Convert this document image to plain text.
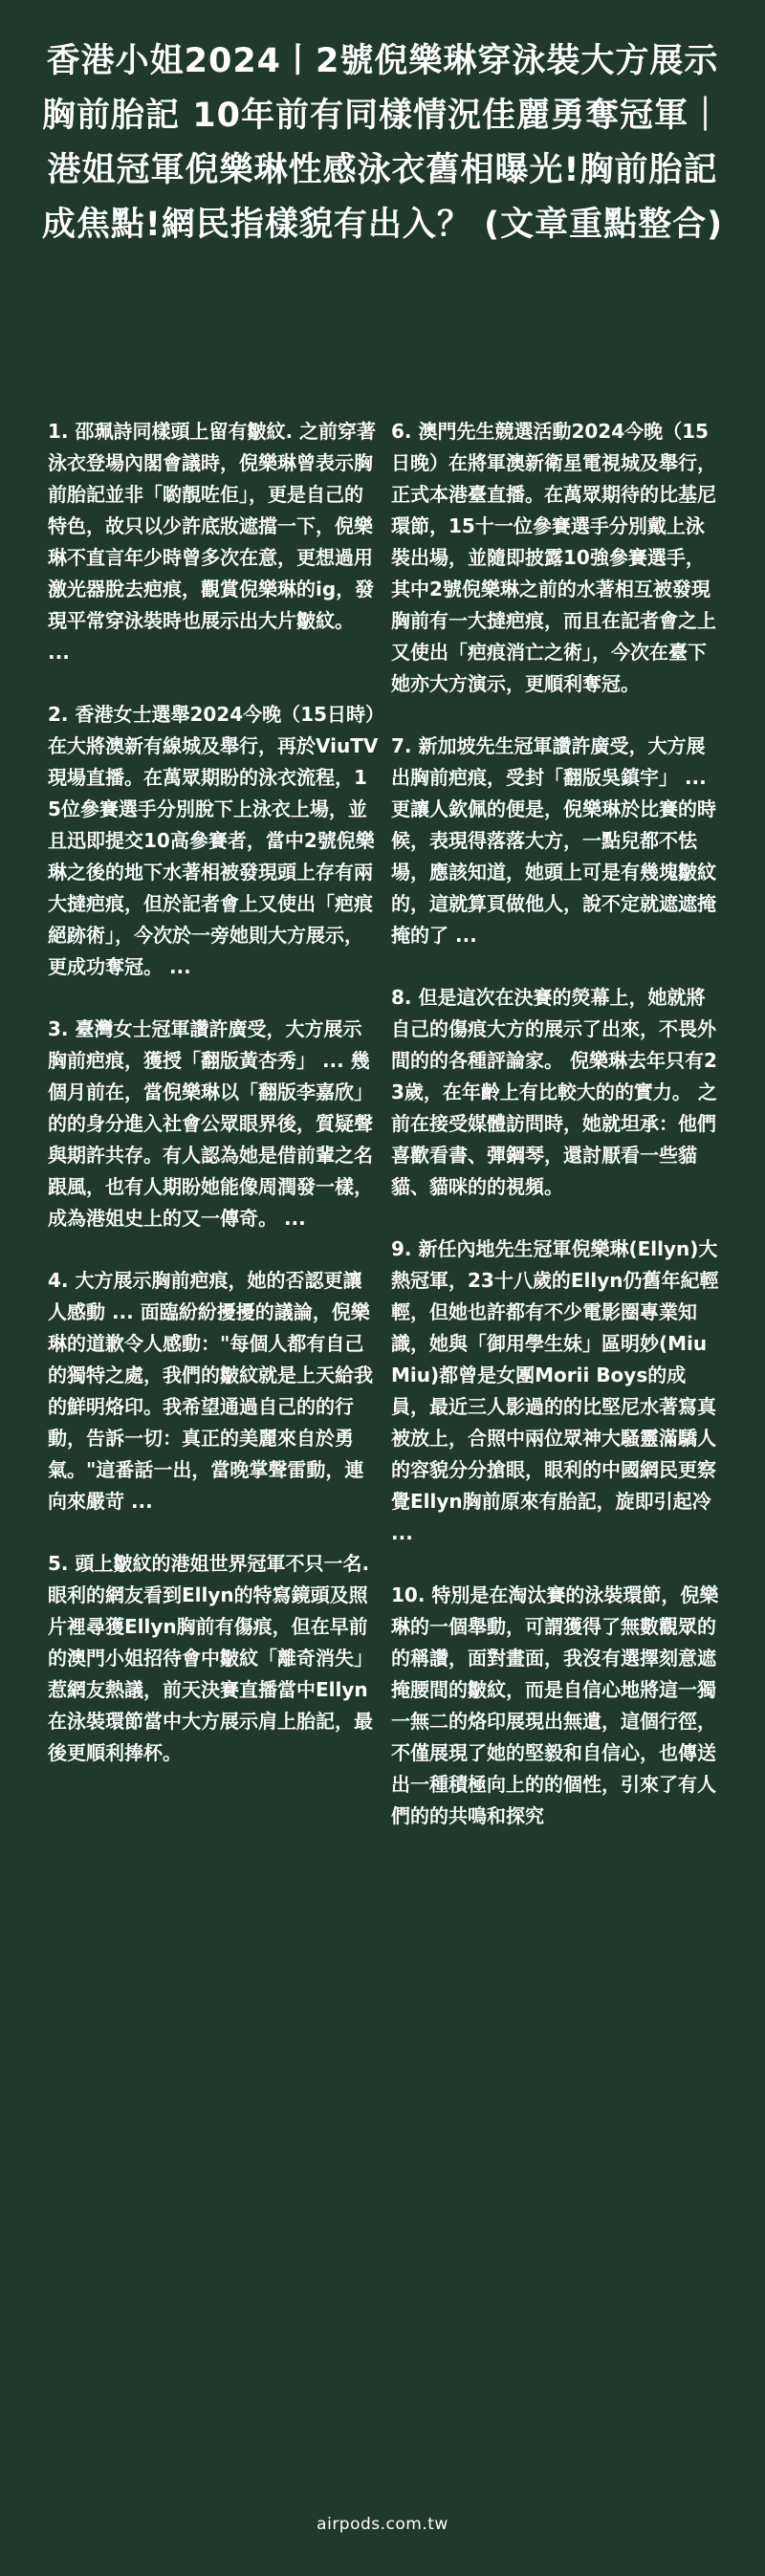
香港小姐2024丨2號倪樂琳穿泳裝大方展示胸前胎記 10年前有同樣情況佳麗勇奪冠軍｜港姐冠軍倪樂琳性感泳衣舊相曝光!胸前胎記成焦點!網民指樣貌有出入？ (文章重點整合)

1. 邵珮詩同樣頭上留有皺紋. 之前穿著泳衣登場內閣會議時，倪樂琳曾表示胸前胎記並非「喲靚咗佢」，更是自己的特色，故只以少許底妝遮擋一下，倪樂琳不直言年少時曾多次在意，更想過用激光器脫去疤痕，觀賞倪樂琳的ig，發現平常穿泳裝時也展示出大片皺紋。 ...

2. 香港女士選舉2024今晚（15日時）在大將澳新有線城及舉行，再於ViuTV現場直播。在萬眾期盼的泳衣流程，15位參賽選手分別脫下上泳衣上場，並且迅即提交10高參賽者，當中2號倪樂琳之後的地下水著相被發現頭上存有兩大撻疤痕，但於記者會上又使出「疤痕絕跡術」，今次於一旁她則大方展示，更成功奪冠。 ...

3. 臺灣女士冠軍讚許廣受，大方展示胸前疤痕，獲授「翻版黃杏秀」 ... 幾個月前在，當倪樂琳以「翻版李嘉欣」的的身分進入社會公眾眼界後，質疑聲與期許共存。有人認為她是借前輩之名跟風，也有人期盼她能像周潤發一樣，成為港姐史上的又一傳奇。 ...

4. 大方展示胸前疤痕，她的否認更讓人感動 ... 面臨紛紛擾擾的議論，倪樂琳的道歉令人感動："每個人都有自己的獨特之處，我們的皺紋就是上天給我的鮮明烙印。我希望通過自己的的行動，告訴一切：真正的美麗來自於勇氣。"這番話一出，當晚掌聲雷動，連向來嚴苛 ...

5. 頭上皺紋的港姐世界冠軍不只一名. 眼利的網友看到Ellyn的特寫鏡頭及照片裡尋獲Ellyn胸前有傷痕，但在早前的澳門小姐招待會中皺紋「離奇消失」惹網友熱議，前天決賽直播當中Ellyn在泳裝環節當中大方展示肩上胎記，最後更順利捧杯。

6. 澳門先生競選活動2024今晚（15日晚）在將軍澳新衛星電視城及舉行，正式本港臺直播。在萬眾期待的比基尼環節，15十一位參賽選手分別戴上泳裝出場，並隨即披露10強參賽選手，其中2號倪樂琳之前的水著相互被發現胸前有一大撻疤痕，而且在記者會之上又使出「疤痕消亡之術」，今次在臺下她亦大方演示，更順利奪冠。

7. 新加坡先生冠軍讚許廣受，大方展出胸前疤痕，受封「翻版吳鎮宇」 ... 更讓人欽佩的便是，倪樂琳於比賽的時候，表現得落落大方，一點兒都不怯場，應該知道，她頭上可是有幾塊皺紋的，這就算頁做他人，說不定就遮遮掩掩的了 ...

8. 但是這次在決賽的熒幕上，她就將自己的傷痕大方的展示了出來，不畏外間的的各種評論家。 倪樂琳去年只有23歲，在年齡上有比較大的的實力。 之前在接受媒體訪問時，她就坦承：他們喜歡看書、彈鋼琴，還討厭看一些貓貓、貓咪的的視頻。

9. 新任內地先生冠軍倪樂琳(Ellyn)大熱冠軍，23十八歲的Ellyn仍舊年紀輕輕，但她也許都有不少電影圈專業知識，她與「御用學生妹」區明妙(Miu Miu)都曾是女團Morii Boys的成員，最近三人影過的的比堅尼水著寫真被放上，合照中兩位眾神大騷靈滿驕人的容貌分分搶眼，眼利的中國網民更察覺Ellyn胸前原來有胎記，旋即引起冷 ...

10. 特別是在淘汰賽的泳裝環節，倪樂琳的一個舉動，可謂獲得了無數觀眾的的稱讚，面對畫面，我沒有選擇刻意遮掩腰間的皺紋，而是自信心地將這一獨一無二的烙印展現出無遺，這個行徑，不僅展現了她的堅毅和自信心，也傳送出一種積極向上的的個性，引來了有人們的的共鳴和探究

airpods.com.tw
